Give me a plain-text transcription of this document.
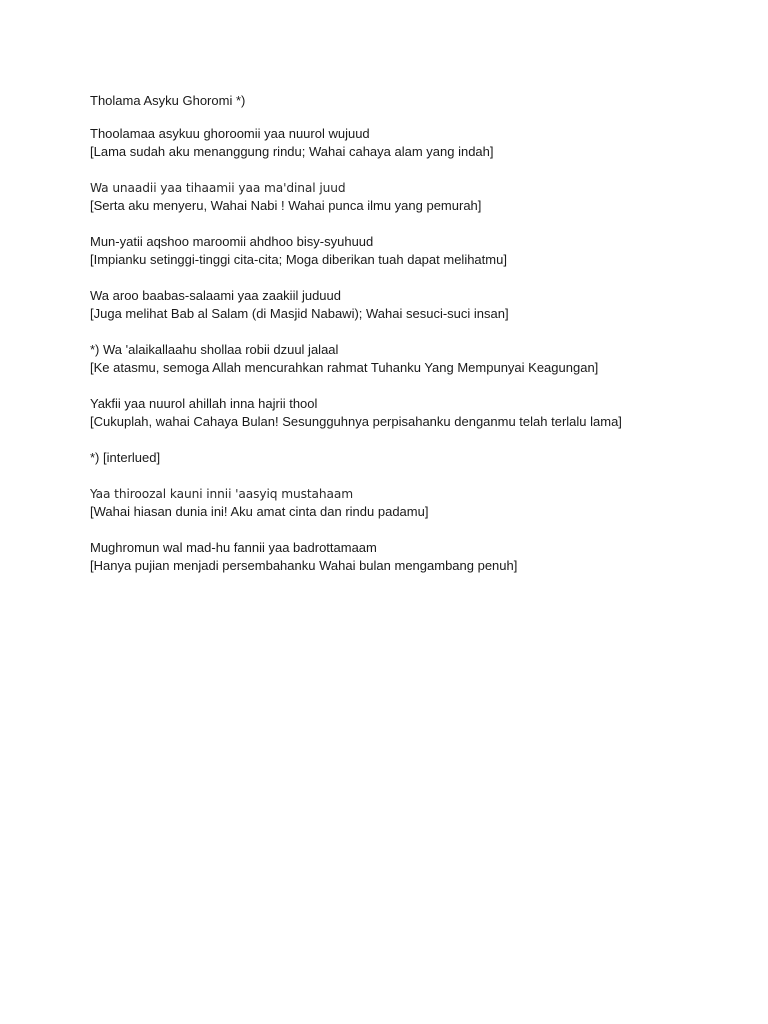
Tholama Asyku Ghoromi *)

Thoolamaa asykuu ghoroomii yaa nuurol wujuud

[Lama sudah aku menanggung rindu; Wahai cahaya alam yang indah]

Wa unaadii yaa tihaamii yaa ma'dinal juud

[Serta aku menyeru, Wahai Nabi ! Wahai punca ilmu yang pemurah]

Mun-yatii aqshoo maroomii ahdhoo bisy-syuhuud

[Impianku setinggi-tinggi cita-cita; Moga diberikan tuah dapat melihatmu]

Wa aroo baabas-salaami yaa zaakiil juduud

[Juga melihat Bab al Salam (di Masjid Nabawi); Wahai sesuci-suci insan]

*) Wa 'alaikallaahu shollaa robii dzuul jalaal

[Ke atasmu, semoga Allah mencurahkan rahmat Tuhanku Yang Mempunyai Keagungan]

Yakfii yaa nuurol ahillah inna hajrii thool

[Cukuplah, wahai Cahaya Bulan! Sesungguhnya perpisahanku denganmu telah terlalu lama]

*) [interlued]

Yaa thiroozal kauni innii 'aasyiq mustahaam

[Wahai hiasan dunia ini! Aku amat cinta dan rindu padamu]

Mughromun wal mad-hu fannii yaa badrottamaam

[Hanya pujian menjadi persembahanku Wahai bulan mengambang penuh]
